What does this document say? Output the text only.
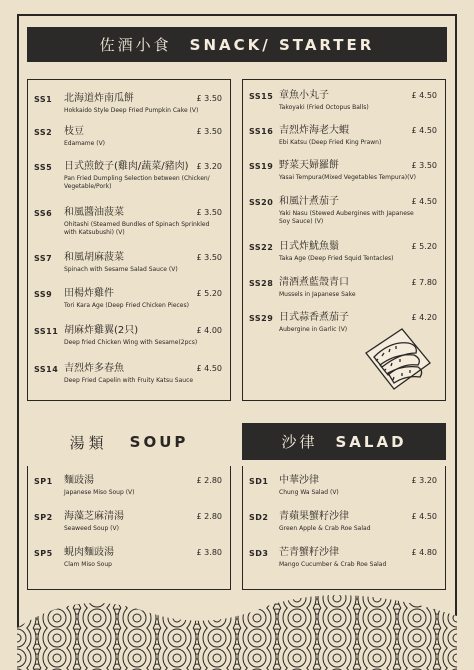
佐酒小食 SNACK/ STARTER
SS1 北海道炸南瓜餅	£ 3.50
Hokkaido Style Deep Fried Pumpkin Cake (V)
SS2 枝豆	£ 3.50
Edamame (V)
SS5 日式煎餃子(雞肉/蔬菜/豬肉) £ 3.20
Pan Fried Dumpling Selection between (Chicken/ Vegetable/Pork)
SS6 和風醬油菠菜	£ 3.50
Ohitashi (Steamed Bundles of Spinach Sprinkled with Katsubushi) (V)
SS7 和風胡麻菠菜	£ 3.50
Spinach with Sesame Salad Sauce (V)
SS9 田楊炸雞件	£ 5.20
Tori Kara Age (Deep Fried Chicken Pieces)
SS11 胡麻炸雞翼(2只)	£ 4.00
Deep fried Chicken Wing with Sesame(2pcs)
SS14 吉烈炸多春魚	£ 4.50
Deep Fried Capelin with Fruity Katsu Sauce
SS15 章魚小丸子	£ 4.50
Takoyaki (Fried Octopus Balls)
SS16 吉烈炸海老大蝦	£ 4.50
Ebi Katsu (Deep Fried King Prawn)
SS19 野菜天婦羅餅	£ 3.50
Yasai Tempura(Mixed Vegetables Tempura)(V)
SS20 和風汁煮茄子	£ 4.50
Yaki Nasu (Stewed Aubergines with Japanese Soy Sauce) (V)
SS22 日式炸魷魚鬚	£ 5.20
Taka Age (Deep Fried Squid Tentacles)
SS28 清酒煮藍殼青口	£ 7.80
Mussels in Japanese Sake
SS29 日式蒜香煮茄子	£ 4.20
Aubergine in Garlic (V)
湯類 SOUP	沙律 SALAD
SP1 麵豉湯	£ 2.80
Japanese Miso Soup (V)
SP2 海藻芝麻清湯	£ 2.80
Seaweed Soup (V)
SP5 蜆肉麵豉湯	£ 3.80
Clam Miso Soup
SD1 中華沙律	£ 3.20
Chung Wa Salad (V)
SD2 青蘋果蟹籽沙律	£ 4.50
Green Apple & Crab Roe Salad
SD3 芒青蟹籽沙律	£ 4.80
Mango Cucumber & Crab Roe Salad
